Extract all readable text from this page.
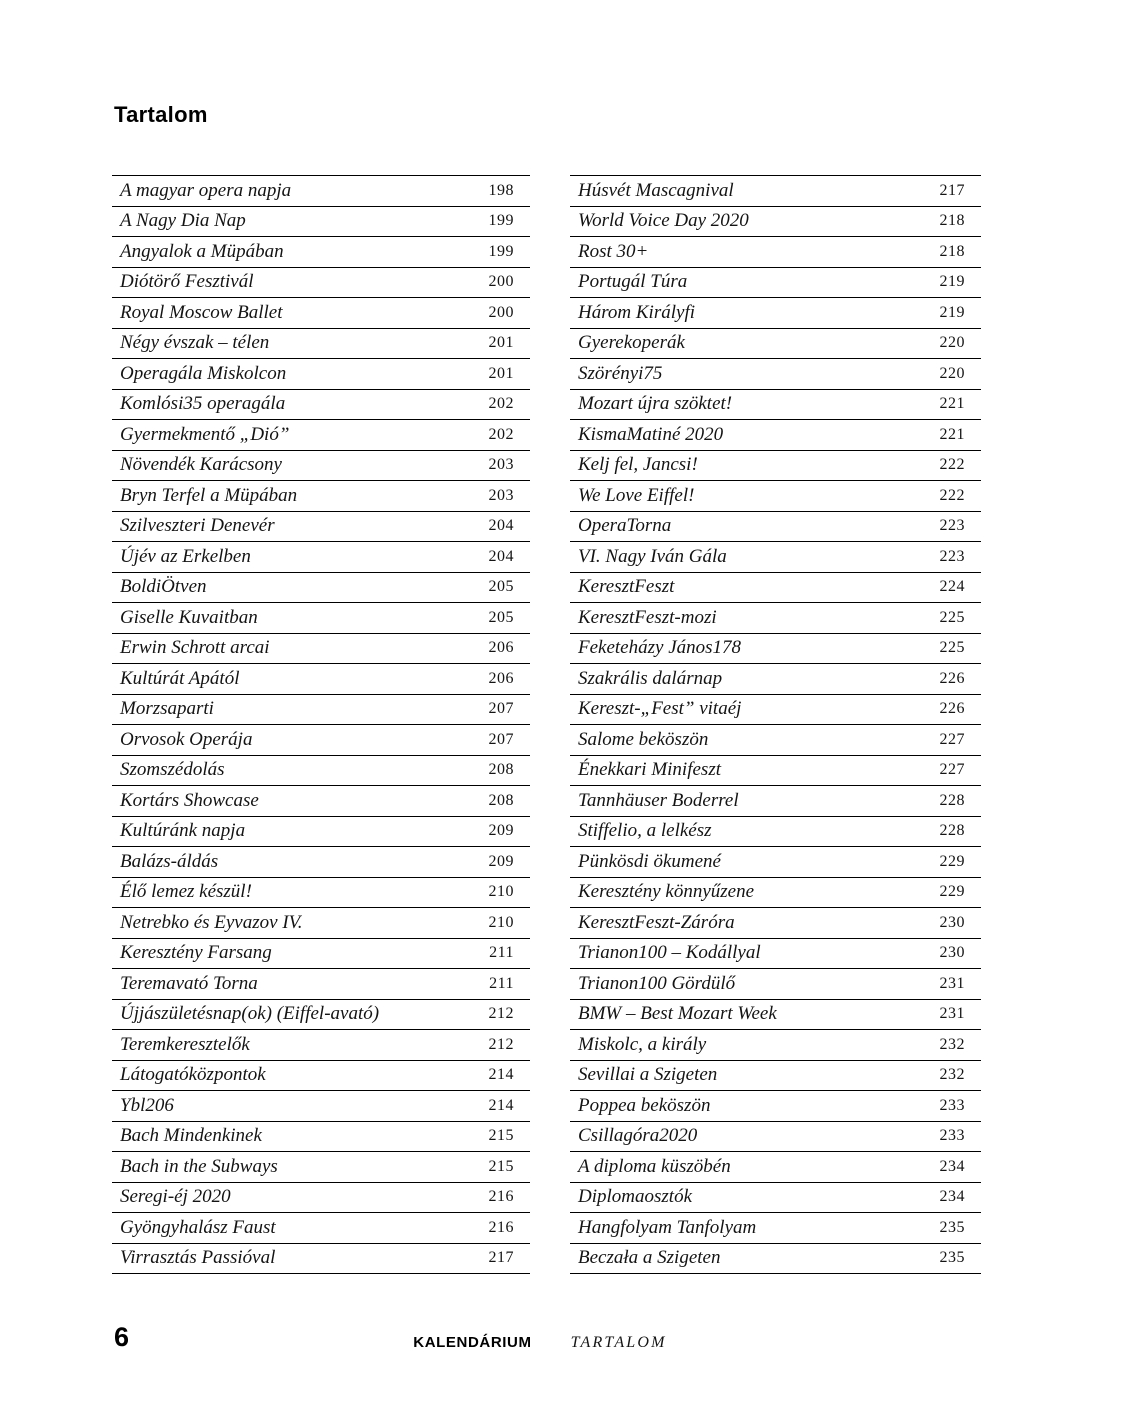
Tartalom
A magyar opera napja	198
A Nagy Dia Nap	199
Angyalok a Müpában	199
Diótörő Fesztivál	200
Royal Moscow Ballet	200
Négy évszak – télen	201
Operagála Miskolcon	201
Komlósi35 operagála	202
Gyermekmentő „Dió”	202
Növendék Karácsony	203
Bryn Terfel a Müpában	203
Szilveszteri Denevér	204
Újév az Erkelben	204
BoldiÖtven	205
Giselle Kuvaitban	205
Erwin Schrott arcai	206
Kultúrát Apától	206
Morzsaparti	207
Orvosok Operája	207
Szomszédolás	208
Kortárs Showcase	208
Kultúránk napja	209
Balázs-áldás	209
Élő lemez készül!	210
Netrebko és Eyvazov IV.	210
Keresztény Farsang	211
Teremavató Torna	211
Újjászületésnap(ok) (Eiffel-avató)	212
Teremkeresztelők	212
Látogatóközpontok	214
Ybl206	214
Bach Mindenkinek	215
Bach in the Subways	215
Seregi-éj 2020	216
Gyöngyhalász Faust	216
Virrasztás Passióval	217
Húsvét Mascagnival	217
World Voice Day 2020	218
Rost 30+	218
Portugál Túra	219
Három Királyfi	219
Gyerekoperák	220
Szörényi75	220
Mozart újra szöktet!	221
KismaMatiné 2020	221
Kelj fel, Jancsi!	222
We Love Eiffel!	222
OperaTorna	223
VI. Nagy Iván Gála	223
KeresztFeszt	224
KeresztFeszt-mozi	225
Feketeházy János178	225
Szakrális dalárnap	226
Kereszt-„Fest” vitaéj	226
Salome beköszön	227
Énekkari Minifeszt	227
Tannhäuser Boderrel	228
Stiffelio, a lelkész	228
Pünkösdi ökumené	229
Keresztény könnyűzene	229
KeresztFeszt-Záróra	230
Trianon100 – Kodállyal	230
Trianon100 Gördülő	231
BMW – Best Mozart Week	231
Miskolc, a király	232
Sevillai a Szigeten	232
Poppea beköszön	233
Csillagóra2020	233
A diploma küszöbén	234
Diplomaosztók	234
Hangfolyam Tanfolyam	235
Beczała a Szigeten	235
6	KALENDÁRIUM TARTALOM
